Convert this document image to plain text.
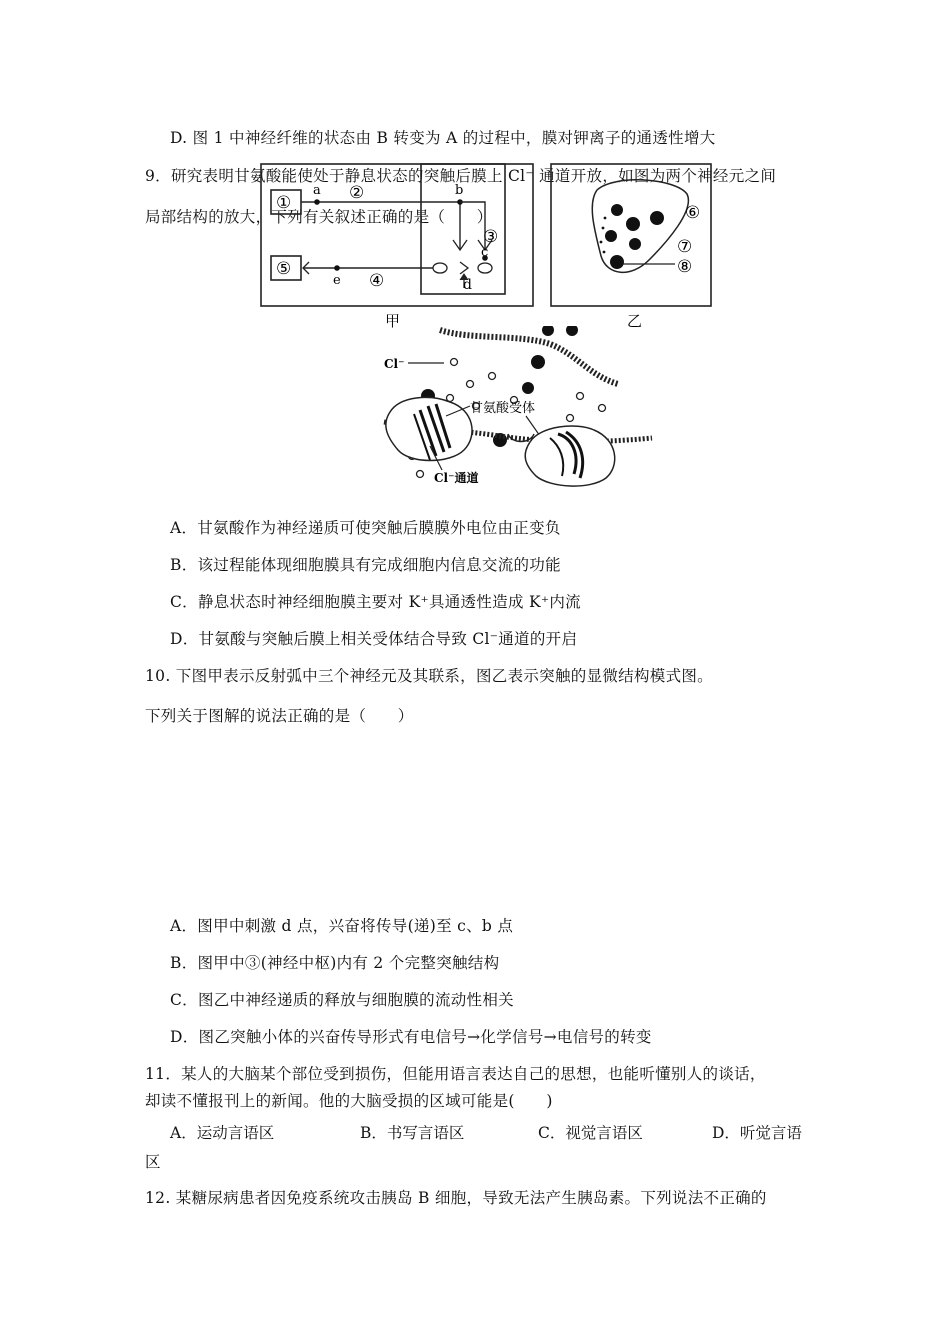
D. 图 1 中神经纤维的状态由 B 转变为 A 的过程中，膜对钾离子的通透性增大
9．研究表明甘氨酸能使处于静息状态的突触后膜上 Cl⁻ 通道开放，如图为两个神经元之间
局部结构的放大，下列有关叙述正确的是（　　）
①
a ②	b
③
c
d
⑤
e ④
甲
⑥
⑦
⑧
乙
Cl⁻
甘氨酸受体
Cl⁻通道
A．甘氨酸作为神经递质可使突触后膜膜外电位由正变负
B．该过程能体现细胞膜具有完成细胞内信息交流的功能
C．静息状态时神经细胞膜主要对 K⁺具通透性造成 K⁺内流
D．甘氨酸与突触后膜上相关受体结合导致 Cl⁻通道的开启
10. 下图甲表示反射弧中三个神经元及其联系，图乙表示突触的显微结构模式图。
下列关于图解的说法正确的是（　　）
A．图甲中刺激 d 点，兴奋将传导(递)至 c、b 点
B．图甲中③(神经中枢)内有 2 个完整突触结构
C．图乙中神经递质的释放与细胞膜的流动性相关
D．图乙突触小体的兴奋传导形式有电信号→化学信号→电信号的转变
11．某人的大脑某个部位受到损伤，但能用语言表达自己的思想，也能听懂别人的谈话，
却读不懂报刊上的新闻。他的大脑受损的区域可能是(　　)
A．运动言语区	B．书写言语区	C．视觉言语区	D．听觉言语
区
12. 某糖尿病患者因免疫系统攻击胰岛 B 细胞，导致无法产生胰岛素。下列说法不正确的
